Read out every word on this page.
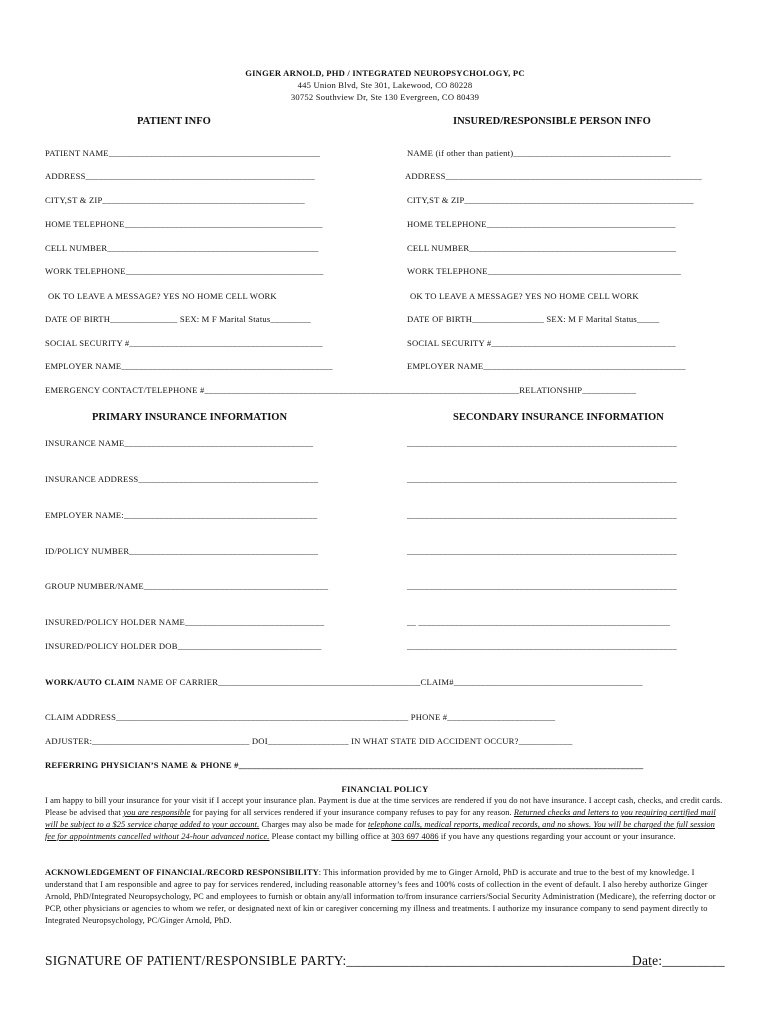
GINGER ARNOLD, PHD / INTEGRATED NEUROPSYCHOLOGY, PC
445 Union Blvd, Ste 301, Lakewood, CO 80228
30752 Southview Dr, Ste 130 Evergreen, CO 80439
PATIENT INFO	INSURED/RESPONSIBLE PERSON INFO
PATIENT NAME_______________________________________________
ADDRESS___________________________________________________
CITY,ST & ZIP_____________________________________________
HOME TELEPHONE____________________________________________
CELL NUMBER_______________________________________________
WORK TELEPHONE____________________________________________
OK TO LEAVE A MESSAGE? YES NO HOME CELL WORK
DATE OF BIRTH_______________ SEX: M F Marital Status_________
SOCIAL SECURITY #___________________________________________
EMPLOYER NAME_______________________________________________
NAME (if other than patient)___________________________________
ADDRESS_________________________________________________________
CITY,ST & ZIP___________________________________________________
HOME TELEPHONE__________________________________________
CELL NUMBER______________________________________________
WORK TELEPHONE___________________________________________
OK TO LEAVE A MESSAGE? YES NO HOME CELL WORK
DATE OF BIRTH________________ SEX: M F Marital Status_____
SOCIAL SECURITY #_________________________________________
EMPLOYER NAME_____________________________________________
EMERGENCY CONTACT/TELEPHONE #______________________________________________________________________RELATIONSHIP____________
PRIMARY INSURANCE INFORMATION	SECONDARY INSURANCE INFORMATION
INSURANCE NAME__________________________________________
INSURANCE ADDRESS________________________________________
EMPLOYER NAME:___________________________________________
ID/POLICY NUMBER__________________________________________
GROUP NUMBER/NAME_________________________________________
INSURED/POLICY HOLDER NAME_______________________________
INSURED/POLICY HOLDER DOB________________________________
____________________________________________________________
____________________________________________________________
____________________________________________________________
____________________________________________________________
____________________________________________________________
__ ________________________________________________________
____________________________________________________________
WORK/AUTO CLAIM NAME OF CARRIER_____________________________________________CLAIM#__________________________________________
CLAIM ADDRESS_________________________________________________________________ PHONE #________________________
ADJUSTER:___________________________________ DOI__________________ IN WHAT STATE DID ACCIDENT OCCUR?____________
REFERRING PHYSICIAN’S NAME & PHONE #__________________________________________________________________________________________
FINANCIAL POLICY
I am happy to bill your insurance for your visit if I accept your insurance plan. Payment is due at the time services are rendered if you do not have insurance. I accept cash, checks, and credit cards. Please be advised that you are responsible for paying for all services rendered if your insurance company refuses to pay for any reason. Returned checks and letters to you requiring certified mail will be subject to a $25 service charge added to your account. Charges may also be made for telephone calls, medical reports, medical records, and no shows. You will be charged the full session fee for appointments cancelled without 24-hour advanced notice. Please contact my billing office at 303 697 4086 if you have any questions regarding your account or your insurance.
ACKNOWLEDGEMENT OF FINANCIAL/RECORD RESPONSIBILITY: This information provided by me to Ginger Arnold, PhD is accurate and true to the best of my knowledge. I understand that I am responsible and agree to pay for services rendered, including reasonable attorney’s fees and 100% costs of collection in the event of default. I also hereby authorize Ginger Arnold, PhD/Integrated Neuropsychology, PC and employees to furnish or obtain any/all information to/from insurance carriers/Social Security Administration (Medicare), the referring doctor or PCP, other physicians or agencies to whom we refer, or designated next of kin or caregiver concerning my illness and treatments. I authorize my insurance company to send payment directly to Integrated Neuropsychology, PC/Ginger Arnold, PhD.
SIGNATURE OF PATIENT/RESPONSIBLE PARTY:____________________________________________
Date:_________
